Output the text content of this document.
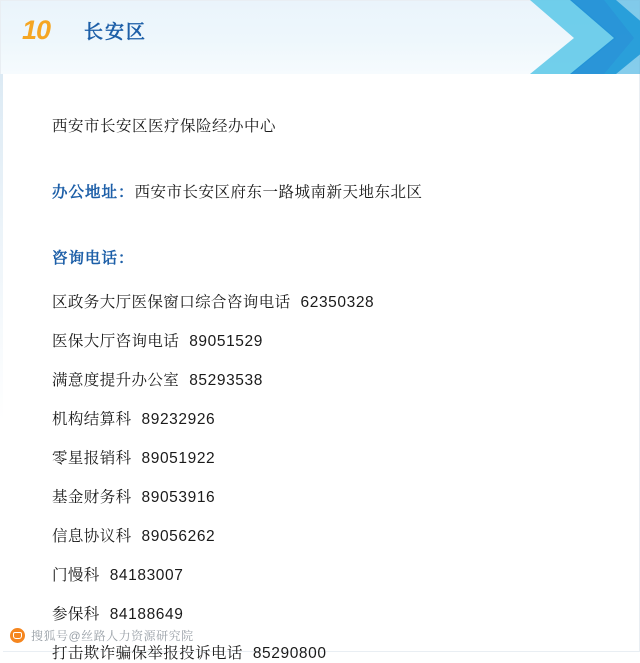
10 长安区

西安市长安区医疗保险经办中心

办公地址：西安市长安区府东一路城南新天地东北区

咨询电话：

区政务大厅医保窗口综合咨询电话 62350328
医保大厅咨询电话 89051529
满意度提升办公室 85293538
机构结算科 89232926
零星报销科 89051922
基金财务科 89053916
信息协议科 89056262
门慢科 84183007
参保科 84188649
打击欺诈骗保举报投诉电话 85290800
搜狐号@丝路人力资源研究院
